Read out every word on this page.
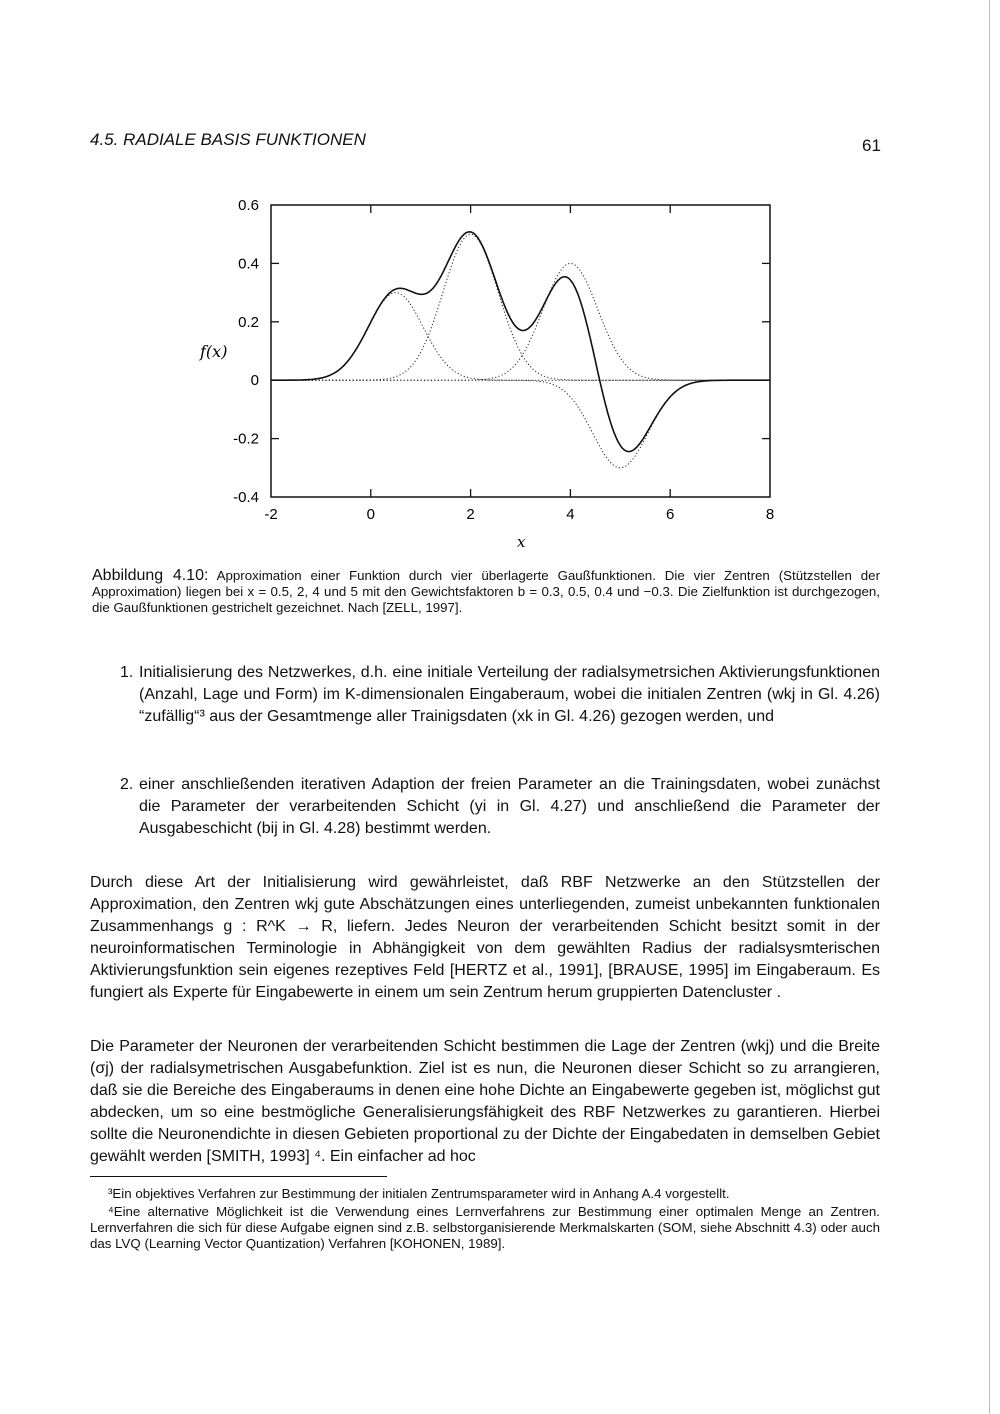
4.5. RADIALE BASIS FUNKTIONEN	61
-2	0	2	4	6	8
0.6
0.4
0.2
0
-0.2
-0.4
f(x)
x
Abbildung 4.10: Approximation einer Funktion durch vier überlagerte Gaußfunktionen. Die vier Zentren (Stützstellen der Approximation) liegen bei x = 0.5, 2, 4 und 5 mit den Gewichtsfaktoren b = 0.3, 0.5, 0.4 und −0.3. Die Zielfunktion ist durchgezogen, die Gaußfunktionen gestrichelt gezeichnet. Nach [ZELL, 1997].
1. Initialisierung des Netzwerkes, d.h. eine initiale Verteilung der radialsymetrsichen Aktivierungsfunktionen (Anzahl, Lage und Form) im K-dimensionalen Eingaberaum, wobei die initialen Zentren (wkj in Gl. 4.26) “zufällig“³ aus der Gesamtmenge aller Trainigsdaten (xk in Gl. 4.26) gezogen werden, und
2. einer anschließenden iterativen Adaption der freien Parameter an die Trainingsdaten, wobei zunächst die Parameter der verarbeitenden Schicht (yi in Gl. 4.27) und anschließend die Parameter der Ausgabeschicht (bij in Gl. 4.28) bestimmt werden.
Durch diese Art der Initialisierung wird gewährleistet, daß RBF Netzwerke an den Stützstellen der Approximation, den Zentren wkj gute Abschätzungen eines unterliegenden, zumeist unbekannten funktionalen Zusammenhangs g : R^K → R, liefern. Jedes Neuron der verarbeitenden Schicht besitzt somit in der neuroinformatischen Terminologie in Abhängigkeit von dem gewählten Radius der radialsysmterischen Aktivierungsfunktion sein eigenes rezeptives Feld [HERTZ et al., 1991], [BRAUSE, 1995] im Eingaberaum. Es fungiert als Experte für Eingabewerte in einem um sein Zentrum herum gruppierten Datencluster .
Die Parameter der Neuronen der verarbeitenden Schicht bestimmen die Lage der Zentren (wkj) und die Breite (σj) der radialsymetrischen Ausgabefunktion. Ziel ist es nun, die Neuronen dieser Schicht so zu arrangieren, daß sie die Bereiche des Eingaberaums in denen eine hohe Dichte an Eingabewerte gegeben ist, möglichst gut abdecken, um so eine bestmögliche Generalisierungsfähigkeit des RBF Netzwerkes zu garantieren. Hierbei sollte die Neuronendichte in diesen Gebieten proportional zu der Dichte der Eingabedaten in demselben Gebiet gewählt werden [SMITH, 1993] ⁴. Ein einfacher ad hoc
³Ein objektives Verfahren zur Bestimmung der initialen Zentrumsparameter wird in Anhang A.4 vorgestellt.
⁴Eine alternative Möglichkeit ist die Verwendung eines Lernverfahrens zur Bestimmung einer optimalen Menge an Zentren. Lernverfahren die sich für diese Aufgabe eignen sind z.B. selbstorganisierende Merkmalskarten (SOM, siehe Abschnitt 4.3) oder auch das LVQ (Learning Vector Quantization) Verfahren [KOHONEN, 1989].
